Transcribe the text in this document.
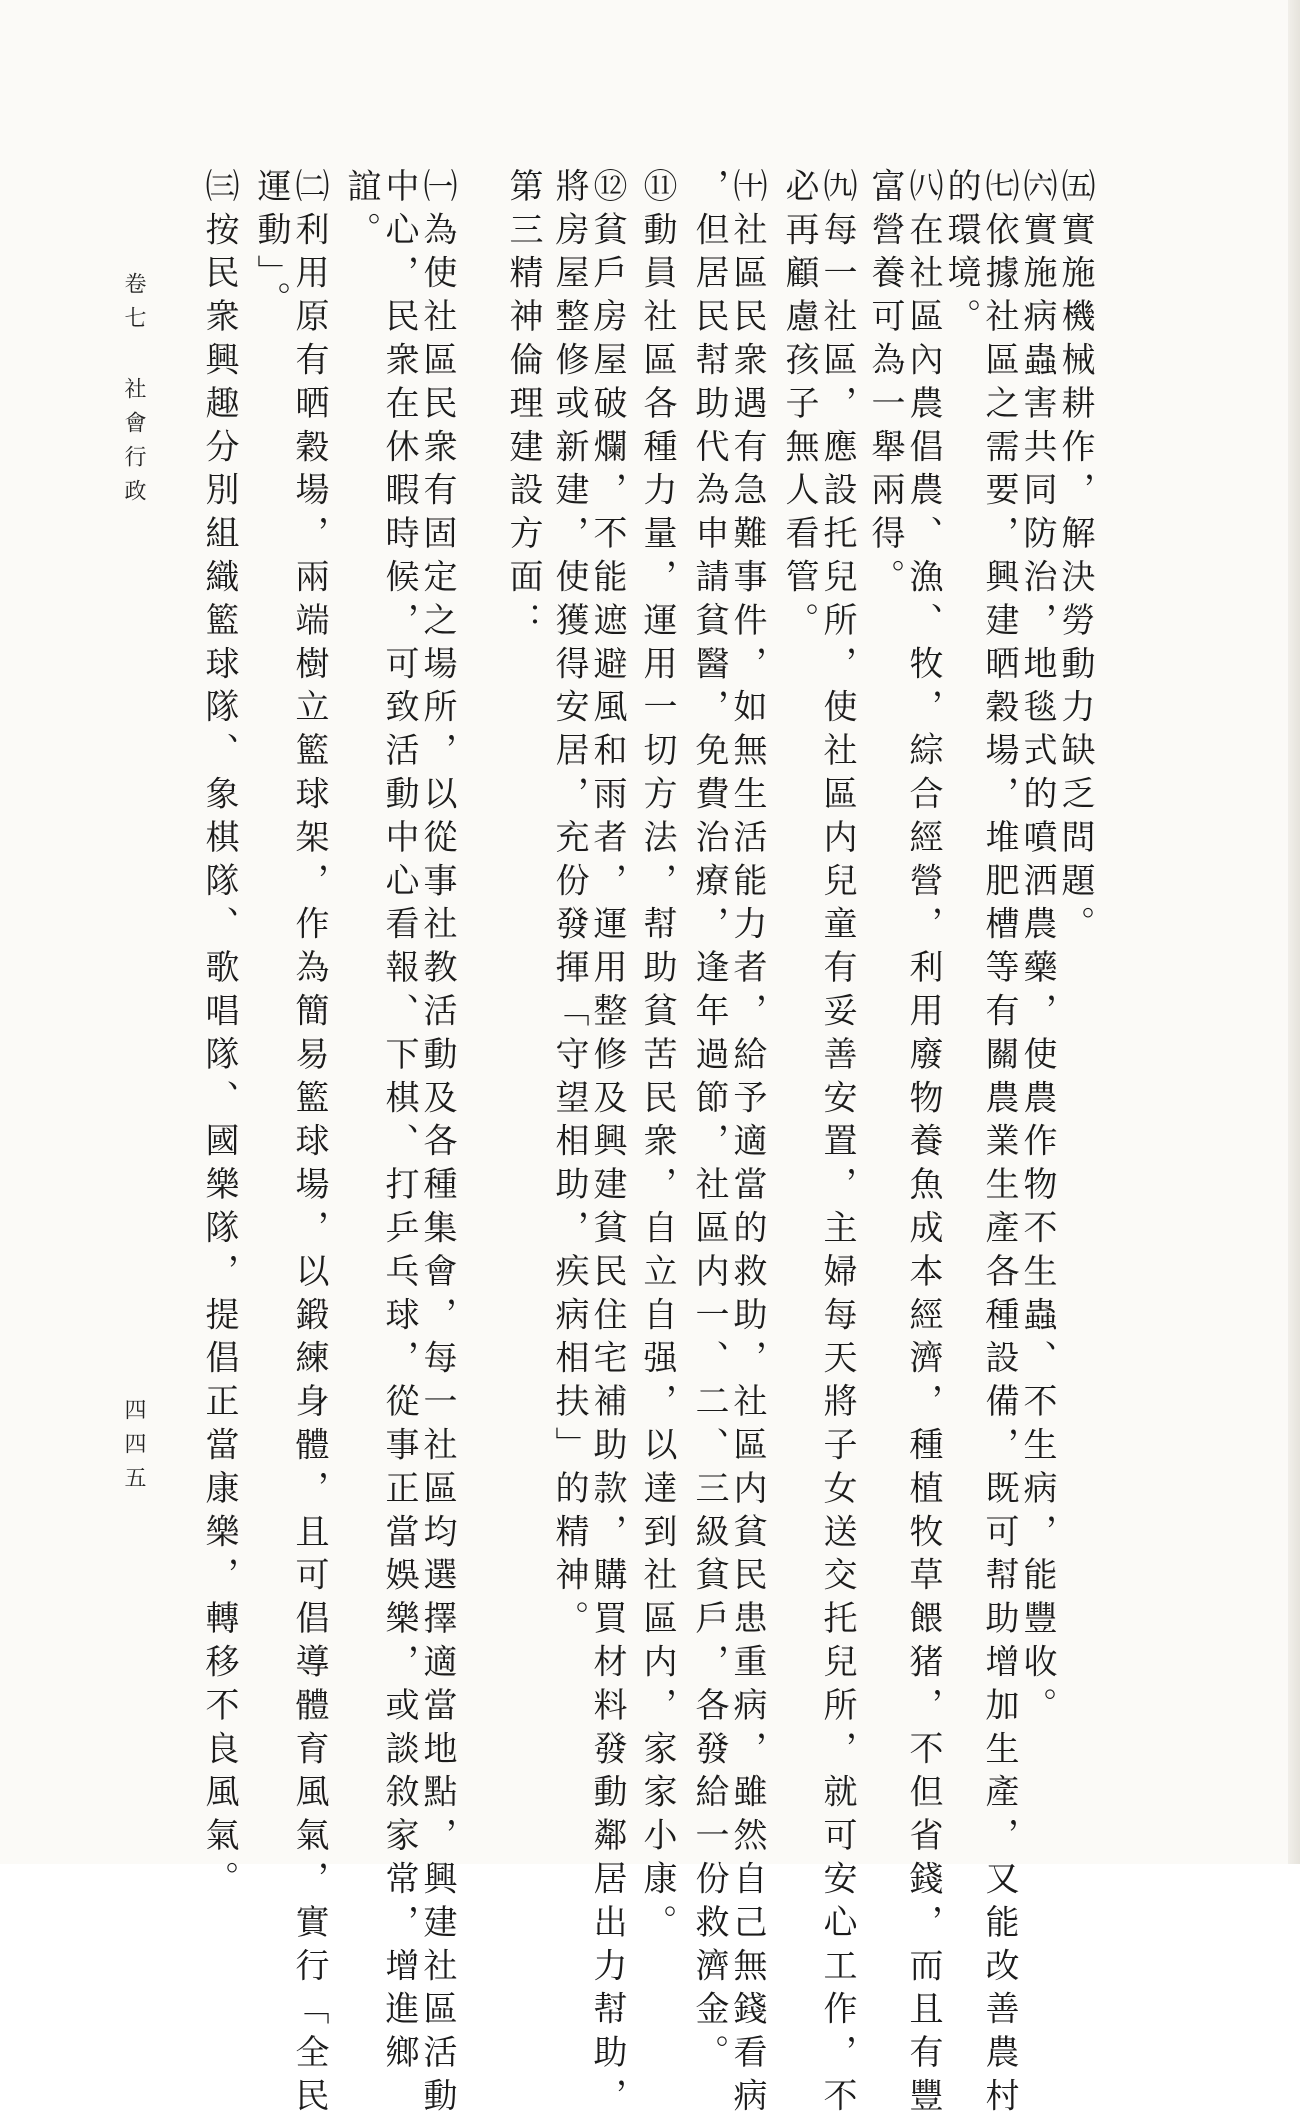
㈤實施機械耕作，解決勞動力缺乏問題。
㈥實施病蟲害共同防治，地毯式的噴洒農藥，使農作物不生蟲、不生病，能豐收。
㈦依據社區之需要，興建晒穀場，堆肥槽等有關農業生產各種設備，既可幇助增加生產，又能改善農村
的環境。
㈧在社區內農倡農、漁、牧，綜合經營，利用廢物養魚成本經濟，種植牧草餵猪，不但省錢，而且有豐
富營養可為一舉兩得。
㈨每一社區，應設托兒所，使社區内兒童有妥善安置，主婦每天將子女送交托兒所，就可安心工作，不
必再顧慮孩子無人看管。
㈩社區民衆遇有急難事件，如無生活能力者，給予適當的救助，社區内貧民患重病，雖然自己無錢看病
，但居民幇助代為申請貧醫，免費治療，逢年過節，社區内一、二、三級貧戶，各發給一份救濟金。
⑪動員社區各種力量，運用一切方法，幇助貧苦民衆，自立自强，以達到社區内，家家小康。
⑫貧戶房屋破爛，不能遮避風和雨者，運用整修及興建貧民住宅補助款，購買材料發動鄰居出力幇助，
將房屋整修或新建，使獲得安居，充份發揮「守望相助，疾病相扶」的精神。
第三精神倫理建設方面：
㈠為使社區民衆有固定之場所，以從事社教活動及各種集會，每一社區均選擇適當地點，興建社區活動
中心，民衆在休暇時候，可致活動中心看報、下棋、打乒乓球，從事正當娛樂，或談敘家常，增進鄉
誼。
㈡利用原有晒穀場，兩端樹立籃球架，作為簡易籃球場，以鍛練身體，且可倡導體育風氣，實行「全民
運動」。
㈢按民衆興趣分別組織籃球隊、象棋隊、歌唱隊、國樂隊，提倡正當康樂，轉移不良風氣。
卷七 社會行政
四四五
